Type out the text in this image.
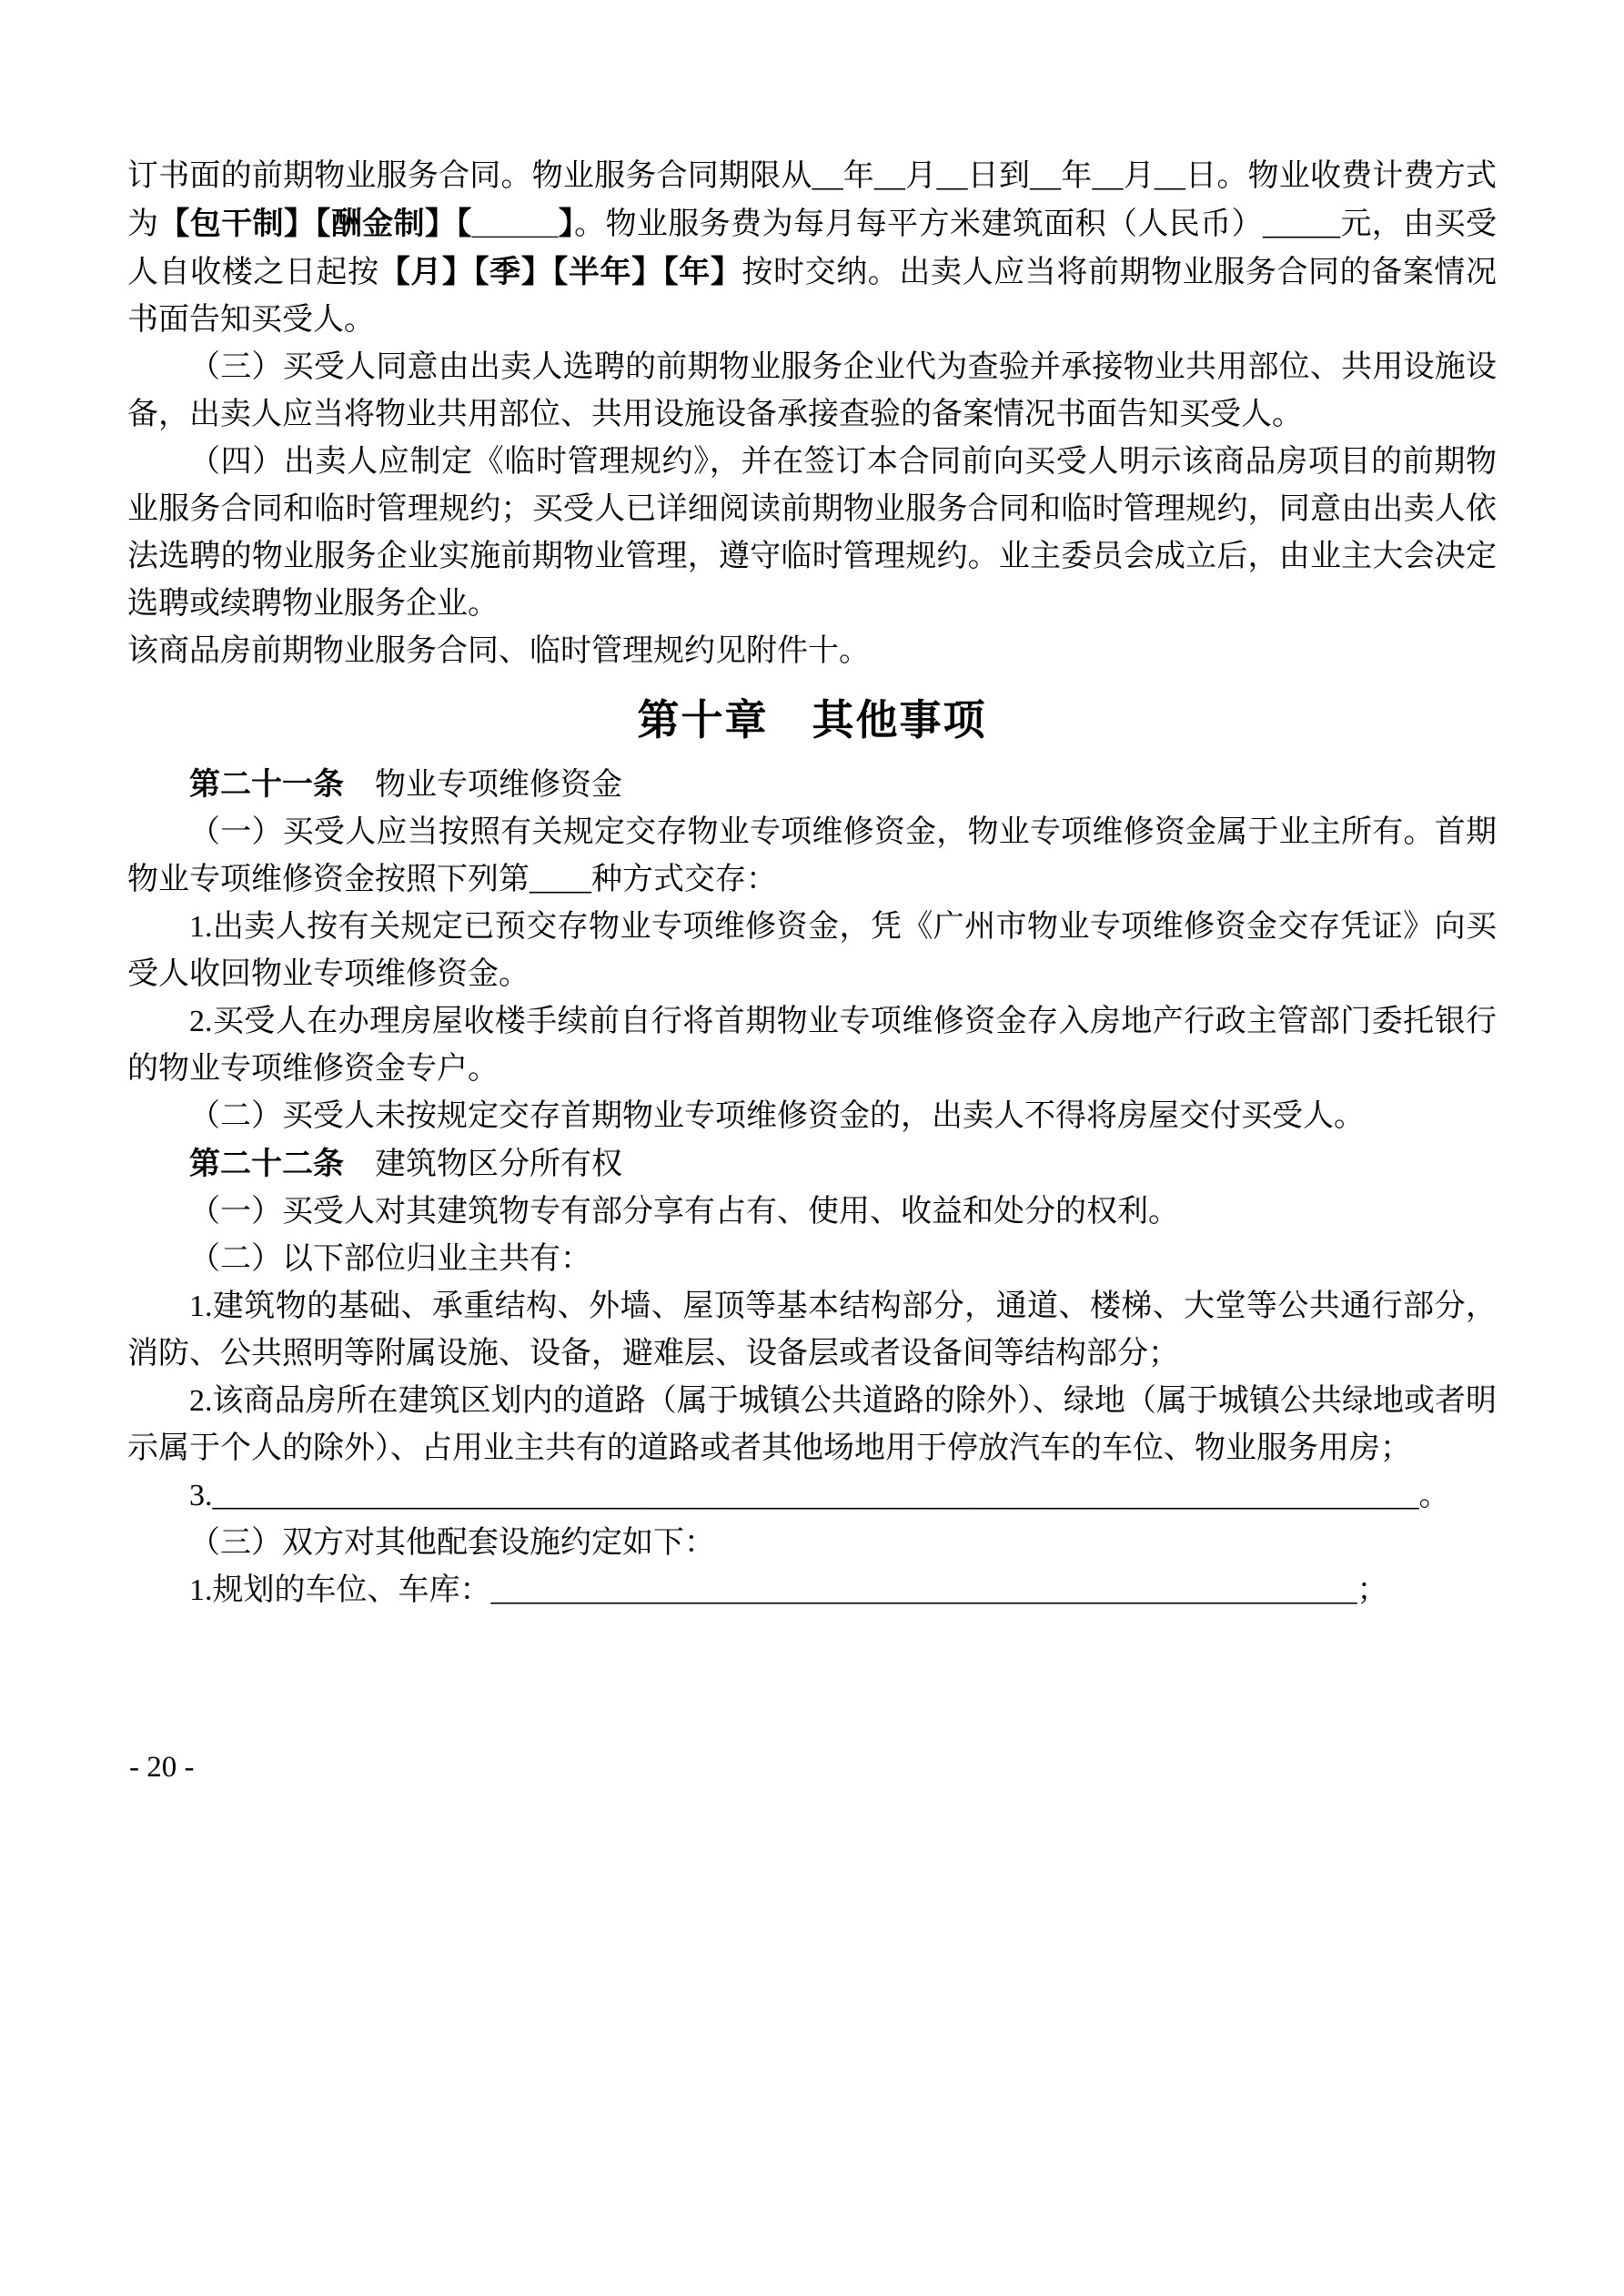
订书面的前期物业服务合同。物业服务合同期限从__年__月__日到__年__月__日。物业收费计费方式为【包干制】【酬金制】【_____】。物业服务费为每月每平方米建筑面积（人民币）_____元，由买受人自收楼之日起按【月】【季】【半年】【年】按时交纳。出卖人应当将前期物业服务合同的备案情况书面告知买受人。

（三）买受人同意由出卖人选聘的前期物业服务企业代为查验并承接物业共用部位、共用设施设备，出卖人应当将物业共用部位、共用设施设备承接查验的备案情况书面告知买受人。

（四）出卖人应制定《临时管理规约》，并在签订本合同前向买受人明示该商品房项目的前期物业服务合同和临时管理规约；买受人已详细阅读前期物业服务合同和临时管理规约，同意由出卖人依法选聘的物业服务企业实施前期物业管理，遵守临时管理规约。业主委员会成立后，由业主大会决定选聘或续聘物业服务企业。

该商品房前期物业服务合同、临时管理规约见附件十。

第十章　其他事项

第二十一条　物业专项维修资金

（一）买受人应当按照有关规定交存物业专项维修资金，物业专项维修资金属于业主所有。首期物业专项维修资金按照下列第____种方式交存：

1.出卖人按有关规定已预交存物业专项维修资金，凭《广州市物业专项维修资金交存凭证》向买受人收回物业专项维修资金。

2.买受人在办理房屋收楼手续前自行将首期物业专项维修资金存入房地产行政主管部门委托银行的物业专项维修资金专户。

（二）买受人未按规定交存首期物业专项维修资金的，出卖人不得将房屋交付买受人。

第二十二条　建筑物区分所有权

（一）买受人对其建筑物专有部分享有占有、使用、收益和处分的权利。

（二）以下部位归业主共有：

1.建筑物的基础、承重结构、外墙、屋顶等基本结构部分，通道、楼梯、大堂等公共通行部分，消防、公共照明等附属设施、设备，避难层、设备层或者设备间等结构部分；

2.该商品房所在建筑区划内的道路（属于城镇公共道路的除外）、绿地（属于城镇公共绿地或者明示属于个人的除外）、占用业主共有的道路或者其他场地用于停放汽车的车位、物业服务用房；

3.______________________________________________________________________________。

（三）双方对其他配套设施约定如下：

1.规划的车位、车库：________________________________________________________；

- 20 -
